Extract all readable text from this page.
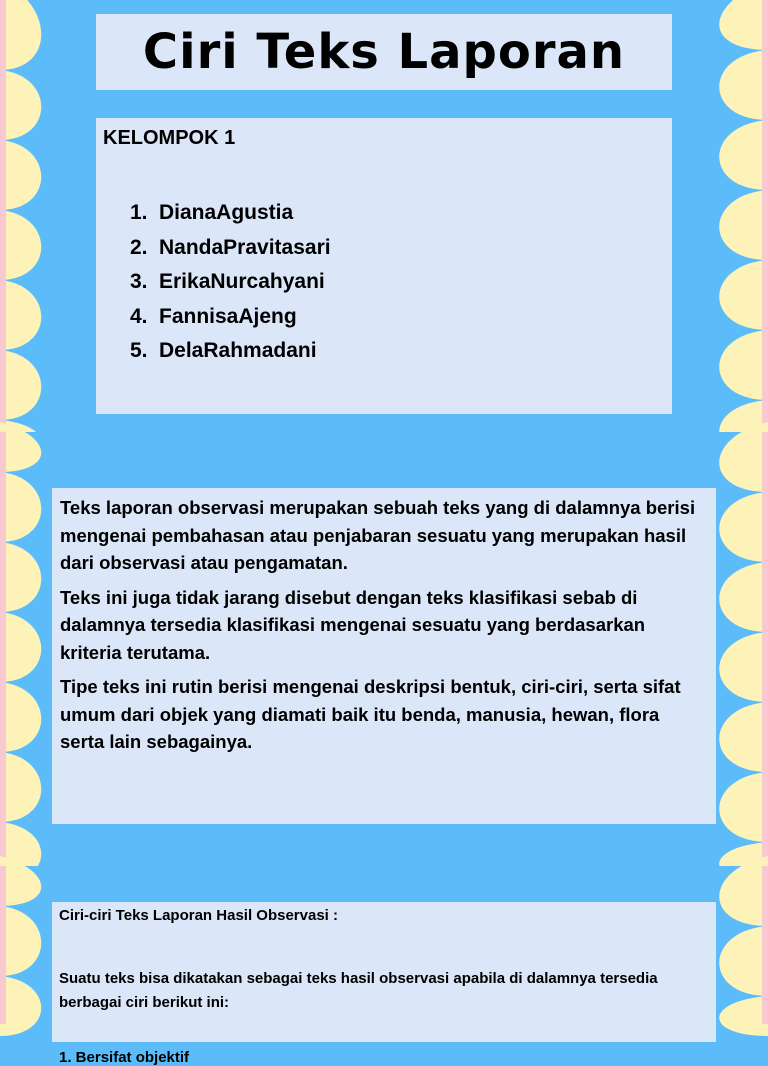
Ciri Teks Laporan
KELOMPOK 1
1. DianaAgustia
2. NandaPravitasari
3. ErikaNurcahyani
4. FannisaAjeng
5. DelaRahmadani

Teks laporan observasi merupakan sebuah teks yang di dalamnya berisi mengenai pembahasan atau penjabaran sesuatu yang merupakan hasil dari observasi atau pengamatan.

Teks ini juga tidak jarang disebut dengan teks klasifikasi sebab di dalamnya tersedia klasifikasi mengenai sesuatu yang berdasarkan kriteria terutama.

Tipe teks ini rutin berisi mengenai deskripsi bentuk, ciri-ciri, serta sifat umum dari objek yang diamati baik itu benda, manusia, hewan, flora serta lain sebagainya.

Ciri-ciri Teks Laporan Hasil Observasi :
Suatu teks bisa dikatakan sebagai teks hasil observasi apabila di dalamnya tersedia berbagai ciri berikut ini:
1. Bersifat objektif
